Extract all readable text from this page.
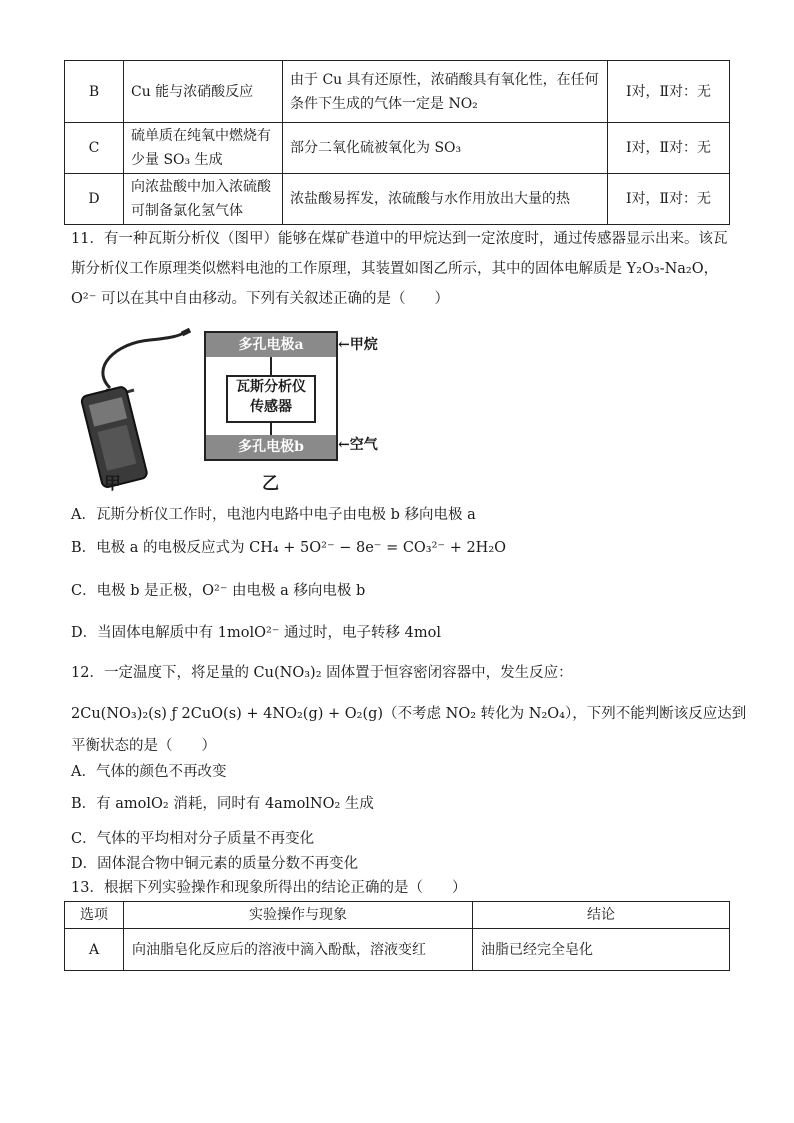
B	Cu 能与浓硝酸反应	由于 Cu 具有还原性，浓硝酸具有氧化性，在任何条件下生成的气体一定是 NO₂	Ⅰ对，Ⅱ对：无
C	硫单质在纯氧中燃烧有少量 SO₃ 生成	部分二氧化硫被氧化为 SO₃	Ⅰ对，Ⅱ对：无
D	向浓盐酸中加入浓硫酸可制备氯化氢气体	浓盐酸易挥发，浓硫酸与水作用放出大量的热	Ⅰ对，Ⅱ对：无
11．有一种瓦斯分析仪（图甲）能够在煤矿巷道中的甲烷达到一定浓度时，通过传感器显示出来。该瓦斯分析仪工作原理类似燃料电池的工作原理，其装置如图乙所示，其中的固体电解质是 Y₂O₃-Na₂O，O²⁻ 可以在其中自由移动。下列有关叙述正确的是（　　）
甲
多孔电极a
瓦斯分析仪
传感器
多孔电极b
←甲烷
←空气
乙
A．瓦斯分析仪工作时，电池内电路中电子由电极 b 移向电极 a
B．电极 a 的电极反应式为 CH₄ + 5O²⁻ − 8e⁻ = CO₃²⁻ + 2H₂O
C．电极 b 是正极，O²⁻ 由电极 a 移向电极 b
D．当固体电解质中有 1molO²⁻ 通过时，电子转移 4mol
12．一定温度下，将足量的 Cu(NO₃)₂ 固体置于恒容密闭容器中，发生反应：
2Cu(NO₃)₂(s) ƒ 2CuO(s) + 4NO₂(g) + O₂(g)（不考虑 NO₂ 转化为 N₂O₄），下列不能判断该反应达到
平衡状态的是（　　）
A．气体的颜色不再改变
B．有 amolO₂ 消耗，同时有 4amolNO₂ 生成
C．气体的平均相对分子质量不再变化
D．固体混合物中铜元素的质量分数不再变化
13．根据下列实验操作和现象所得出的结论正确的是（　　）
选项	实验操作与现象	结论
A	向油脂皂化反应后的溶液中滴入酚酞，溶液变红	油脂已经完全皂化
